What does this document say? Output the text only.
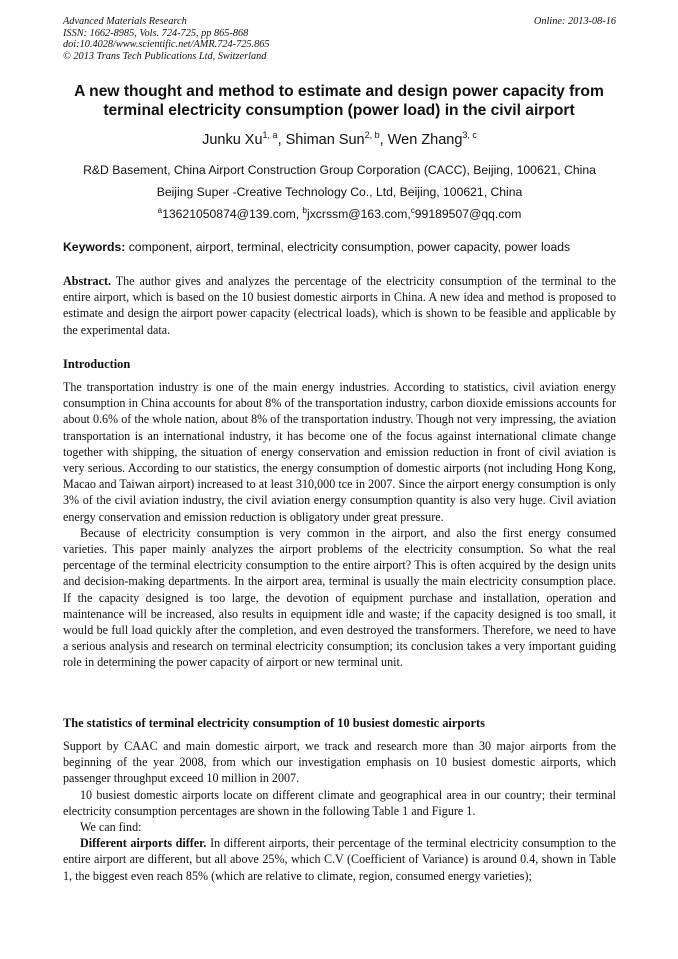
Advanced Materials Research
ISSN: 1662-8985, Vols. 724-725, pp 865-868
doi:10.4028/www.scientific.net/AMR.724-725.865
© 2013 Trans Tech Publications Ltd, Switzerland
Online: 2013-08-16
A new thought and method to estimate and design power capacity from terminal electricity consumption (power load) in the civil airport
Junku Xu$^{1, a}$, Shiman Sun$^{2, b}$, Wen Zhang$^{3, c}$
R&D Basement, China Airport Construction Group Corporation (CACC), Beijing, 100621, China
Beijing Super -Creative Technology Co., Ltd, Beijing, 100621, China
$^a$13621050874@139.com, $^b$jxcrssm@163.com,$^c$99189507@qq.com
Keywords: component, airport, terminal, electricity consumption, power capacity, power loads
Abstract. The author gives and analyzes the percentage of the electricity consumption of the terminal to the entire airport, which is based on the 10 busiest domestic airports in China. A new idea and method is proposed to estimate and design the airport power capacity (electrical loads), which is shown to be feasible and applicable by the experimental data.
Introduction

The transportation industry is one of the main energy industries. According to statistics, civil aviation energy consumption in China accounts for about 8% of the transportation industry, carbon dioxide emissions accounts for about 0.6% of the whole nation, about 8% of the transportation industry. Though not very impressing, the aviation transportation is an international industry, it has become one of the focus against international climate change together with shipping, the situation of energy conservation and emission reduction in front of civil aviation is very serious. According to our statistics, the energy consumption of domestic airports (not including Hong Kong, Macao and Taiwan airport) increased to at least 310,000 tce in 2007. Since the airport energy consumption is only 3% of the civil aviation industry, the civil aviation energy consumption quantity is also very huge. Civil aviation energy conservation and emission reduction is obligatory under great pressure.

Because of electricity consumption is very common in the airport, and also the first energy consumed varieties. This paper mainly analyzes the airport problems of the electricity consumption. So what the real percentage of the terminal electricity consumption to the entire airport? This is often acquired by the design units and decision-making departments. In the airport area, terminal is usually the main electricity consumption place. If the capacity designed is too large, the devotion of equipment purchase and installation, operation and maintenance will be increased, also results in equipment idle and waste; if the capacity designed is too small, it would be full load quickly after the completion, and even destroyed the transformers. Therefore, we need to have a serious analysis and research on terminal electricity consumption; its conclusion takes a very important guiding role in determining the power capacity of airport or new terminal unit.

The statistics of terminal electricity consumption of 10 busiest domestic airports

Support by CAAC and main domestic airport, we track and research more than 30 major airports from the beginning of the year 2008, from which our investigation emphasis on 10 busiest domestic airports, which passenger throughput exceed 10 million in 2007.

10 busiest domestic airports locate on different climate and geographical area in our country; their terminal electricity consumption percentages are shown in the following Table 1 and Figure 1.

We can find:

Different airports differ. In different airports, their percentage of the terminal electricity consumption to the entire airport are different, but all above 25%, which C.V (Coefficient of Variance) is around 0.4, shown in Table 1, the biggest even reach 85% (which are relative to climate, region, consumed energy varieties);
